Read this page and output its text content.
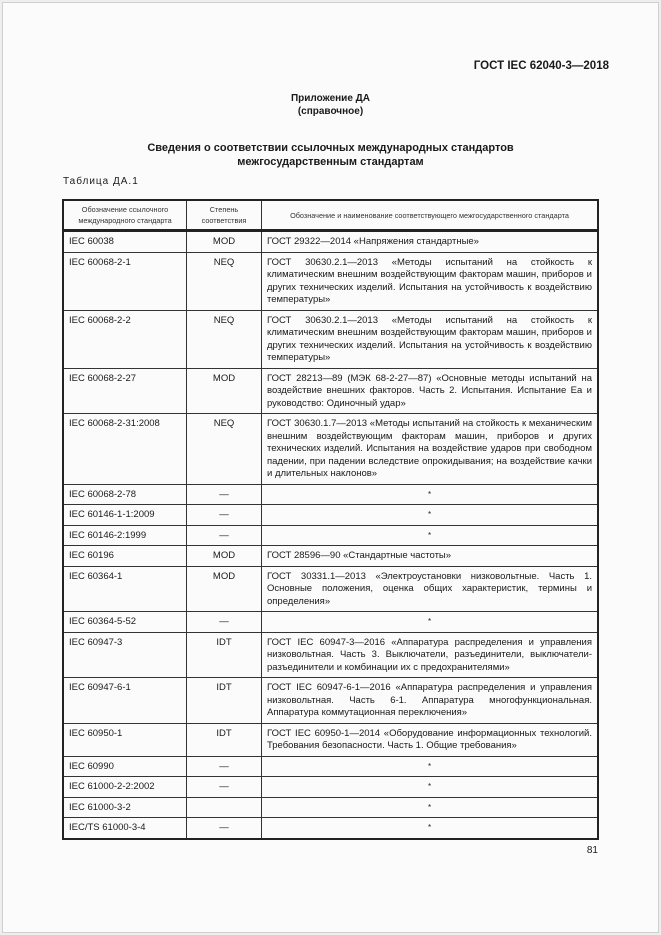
ГОСТ IEC 62040-3—2018
Приложение ДА
(справочное)
Сведения о соответствии ссылочных международных стандартов
межгосударственным стандартам
Таблица ДА.1
Обозначение ссылочного международного стандарта	Степень соответствия	Обозначение и наименование соответствующего межгосударственного стандарта
IEC 60038	MOD	ГОСТ 29322—2014 «Напряжения стандартные»
IEC 60068-2-1	NEQ	ГОСТ 30630.2.1—2013 «Методы испытаний на стойкость к климатическим внешним воздействующим факторам машин, приборов и других технических изделий. Испытания на устойчивость к воздействию температуры»
IEC 60068-2-2	NEQ	ГОСТ 30630.2.1—2013 «Методы испытаний на стойкость к климатическим внешним воздействующим факторам машин, приборов и других технических изделий. Испытания на устойчивость к воздействию температуры»
IEC 60068-2-27	MOD	ГОСТ 28213—89 (МЭК 68-2-27—87) «Основные методы испытаний на воздействие внешних факторов. Часть 2. Испытания. Испытание Еа и руководство: Одиночный удар»
IEC 60068-2-31:2008	NEQ	ГОСТ 30630.1.7—2013 «Методы испытаний на стойкость к механическим внешним воздействующим факторам машин, приборов и других технических изделий. Испытания на воздействие ударов при свободном падении, при падении вследствие опрокидывания; на воздействие качки и длительных наклонов»
IEC 60068-2-78	—	*
IEC 60146-1-1:2009	—	*
IEC 60146-2:1999	—	*
IEC 60196	MOD	ГОСТ 28596—90 «Стандартные частоты»
IEC 60364-1	MOD	ГОСТ 30331.1—2013 «Электроустановки низковольтные. Часть 1. Основные положения, оценка общих характеристик, термины и определения»
IEC 60364-5-52	—	*
IEC 60947-3	IDT	ГОСТ IEC 60947-3—2016 «Аппаратура распределения и управления низковольтная. Часть 3. Выключатели, разъединители, выключатели-разъединители и комбинации их с предохранителями»
IEC 60947-6-1	IDT	ГОСТ IEC 60947-6-1—2016 «Аппаратура распределения и управления низковольтная. Часть 6-1. Аппаратура многофункциональная. Аппаратура коммутационная переключения»
IEC 60950-1	IDT	ГОСТ IEC 60950-1—2014 «Оборудование информационных технологий. Требования безопасности. Часть 1. Общие требования»
IEC 60990	—	*
IEC 61000-2-2:2002	—	*
IEC 61000-3-2		*
IEC/TS 61000-3-4	—	*
81
